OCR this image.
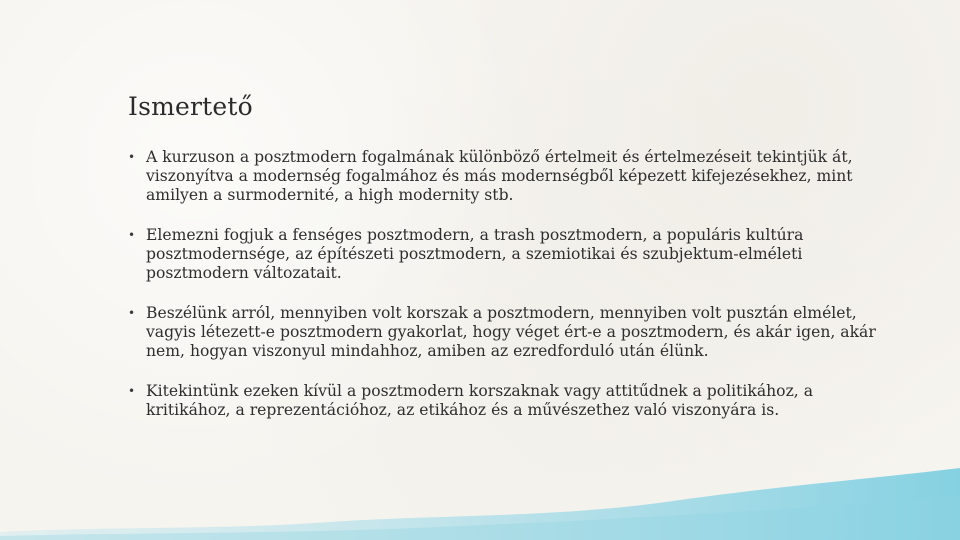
Ismertető
• A kurzuson a posztmodern fogalmának különböző értelmeit és értelmezéseit tekintjük át, viszonyítva a modernség fogalmához és más modernségből képezett kifejezésekhez, mint amilyen a surmodernité, a high modernity stb.
• Elemezni fogjuk a fenséges posztmodern, a trash posztmodern, a populáris kultúra posztmodernsége, az építészeti posztmodern, a szemiotikai és szubjektum-elméleti posztmodern változatait.
• Beszélünk arról, mennyiben volt korszak a posztmodern, mennyiben volt pusztán elmélet, vagyis létezett-e posztmodern gyakorlat, hogy véget ért-e a posztmodern, és akár igen, akár nem, hogyan viszonyul mindahhoz, amiben az ezredforduló után élünk.
• Kitekintünk ezeken kívül a posztmodern korszaknak vagy attitűdnek a politikához, a kritikához, a reprezentációhoz, az etikához és a művészethez való viszonyára is.
